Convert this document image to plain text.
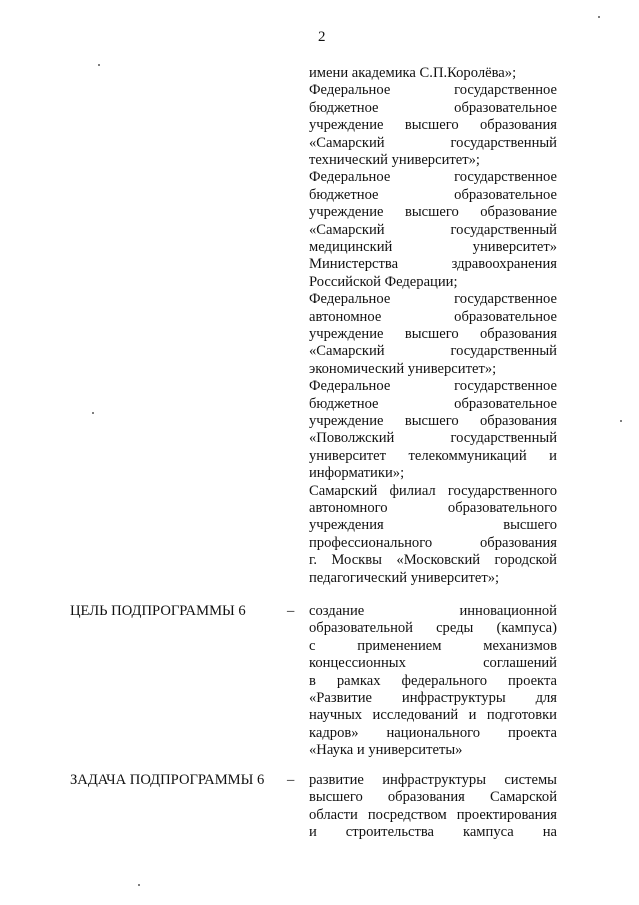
2
имени академика С.П.Королёва»;
Федеральное государственное
бюджетное образовательное
учреждение высшего образования
«Самарский государственный
технический университет»;
Федеральное государственное
бюджетное образовательное
учреждение высшего образование
«Самарский государственный
медицинский университет»
Министерства здравоохранения
Российской Федерации;
Федеральное государственное
автономное образовательное
учреждение высшего образования
«Самарский государственный
экономический университет»;
Федеральное государственное
бюджетное образовательное
учреждение высшего образования
«Поволжский государственный
университет телекоммуникаций и
информатики»;
Самарский филиал государственного
автономного образовательного
учреждения высшего
профессионального образования
г. Москвы «Московский городской
педагогический университет»;
ЦЕЛЬ ПОДПРОГРАММЫ 6	– создание инновационной
образовательной среды (кампуса)
с применением механизмов
концессионных соглашений
в рамках федерального проекта
«Развитие инфраструктуры для
научных исследований и подготовки
кадров» национального проекта
«Наука и университеты»
ЗАДАЧА ПОДПРОГРАММЫ 6 – развитие инфраструктуры системы
высшего образования Самарской
области посредством проектирования
и строительства кампуса на
